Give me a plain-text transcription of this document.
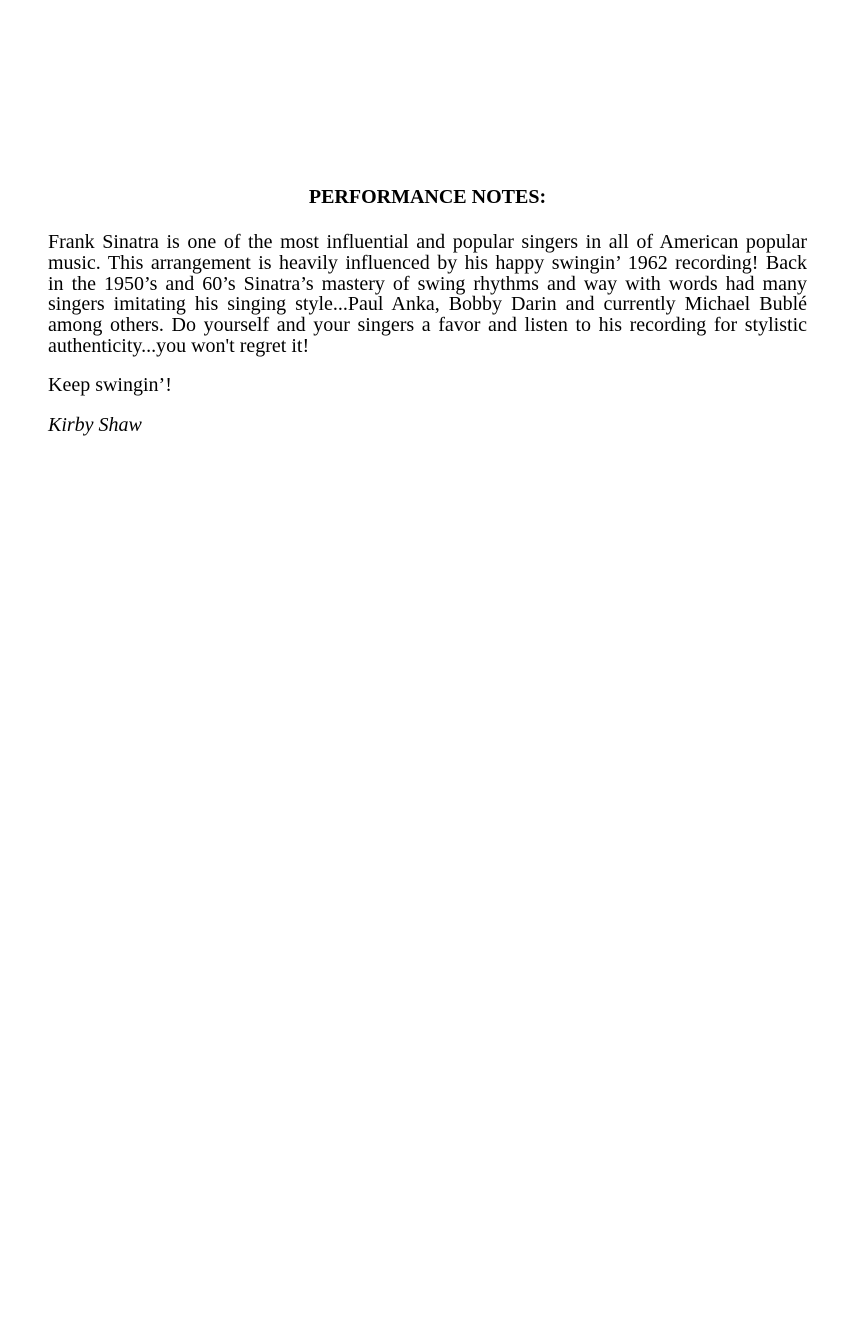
PERFORMANCE NOTES:
Frank Sinatra is one of the most influential and popular singers in all of American popular
music. This arrangement is heavily influenced by his happy swingin’ 1962 recording! Back
in the 1950’s and 60’s Sinatra’s mastery of swing rhythms and way with words had many
singers imitating his singing style...Paul Anka, Bobby Darin and currently Michael Bublé
among others. Do yourself and your singers a favor and listen to his recording for stylistic
authenticity...you won't regret it!
Keep swingin’!
Kirby Shaw
